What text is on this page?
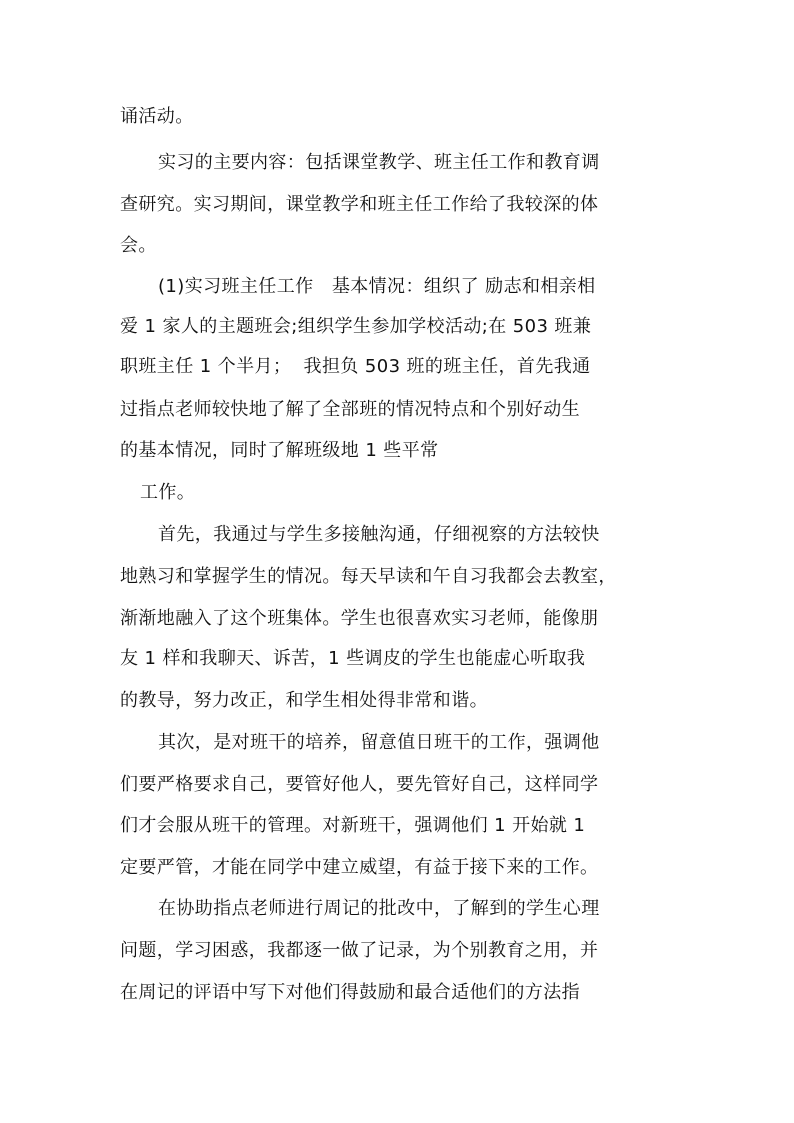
诵活动。
实习的主要内容：包括课堂教学、班主任工作和教育调
查研究。实习期间，课堂教学和班主任工作给了我较深的体
会。
(1)实习班主任工作   基本情况：组织了 励志和相亲相
爱 1 家人的主题班会;组织学生参加学校活动;在 503 班兼
职班主任 1 个半月；  我担负 503 班的班主任，首先我通
过指点老师较快地了解了全部班的情况特点和个别好动生
的基本情况，同时了解班级地 1 些平常
工作。
首先，我通过与学生多接触沟通，仔细视察的方法较快
地熟习和掌握学生的情况。每天早读和午自习我都会去教室，
渐渐地融入了这个班集体。学生也很喜欢实习老师，能像朋
友 1 样和我聊天、诉苦，1 些调皮的学生也能虚心听取我
的教导，努力改正，和学生相处得非常和谐。
其次，是对班干的培养，留意值日班干的工作，强调他
们要严格要求自己，要管好他人，要先管好自己，这样同学
们才会服从班干的管理。对新班干，强调他们 1 开始就 1
定要严管，才能在同学中建立威望，有益于接下来的工作。
在协助指点老师进行周记的批改中，了解到的学生心理
问题，学习困惑，我都逐一做了记录，为个别教育之用，并
在周记的评语中写下对他们得鼓励和最合适他们的方法指
